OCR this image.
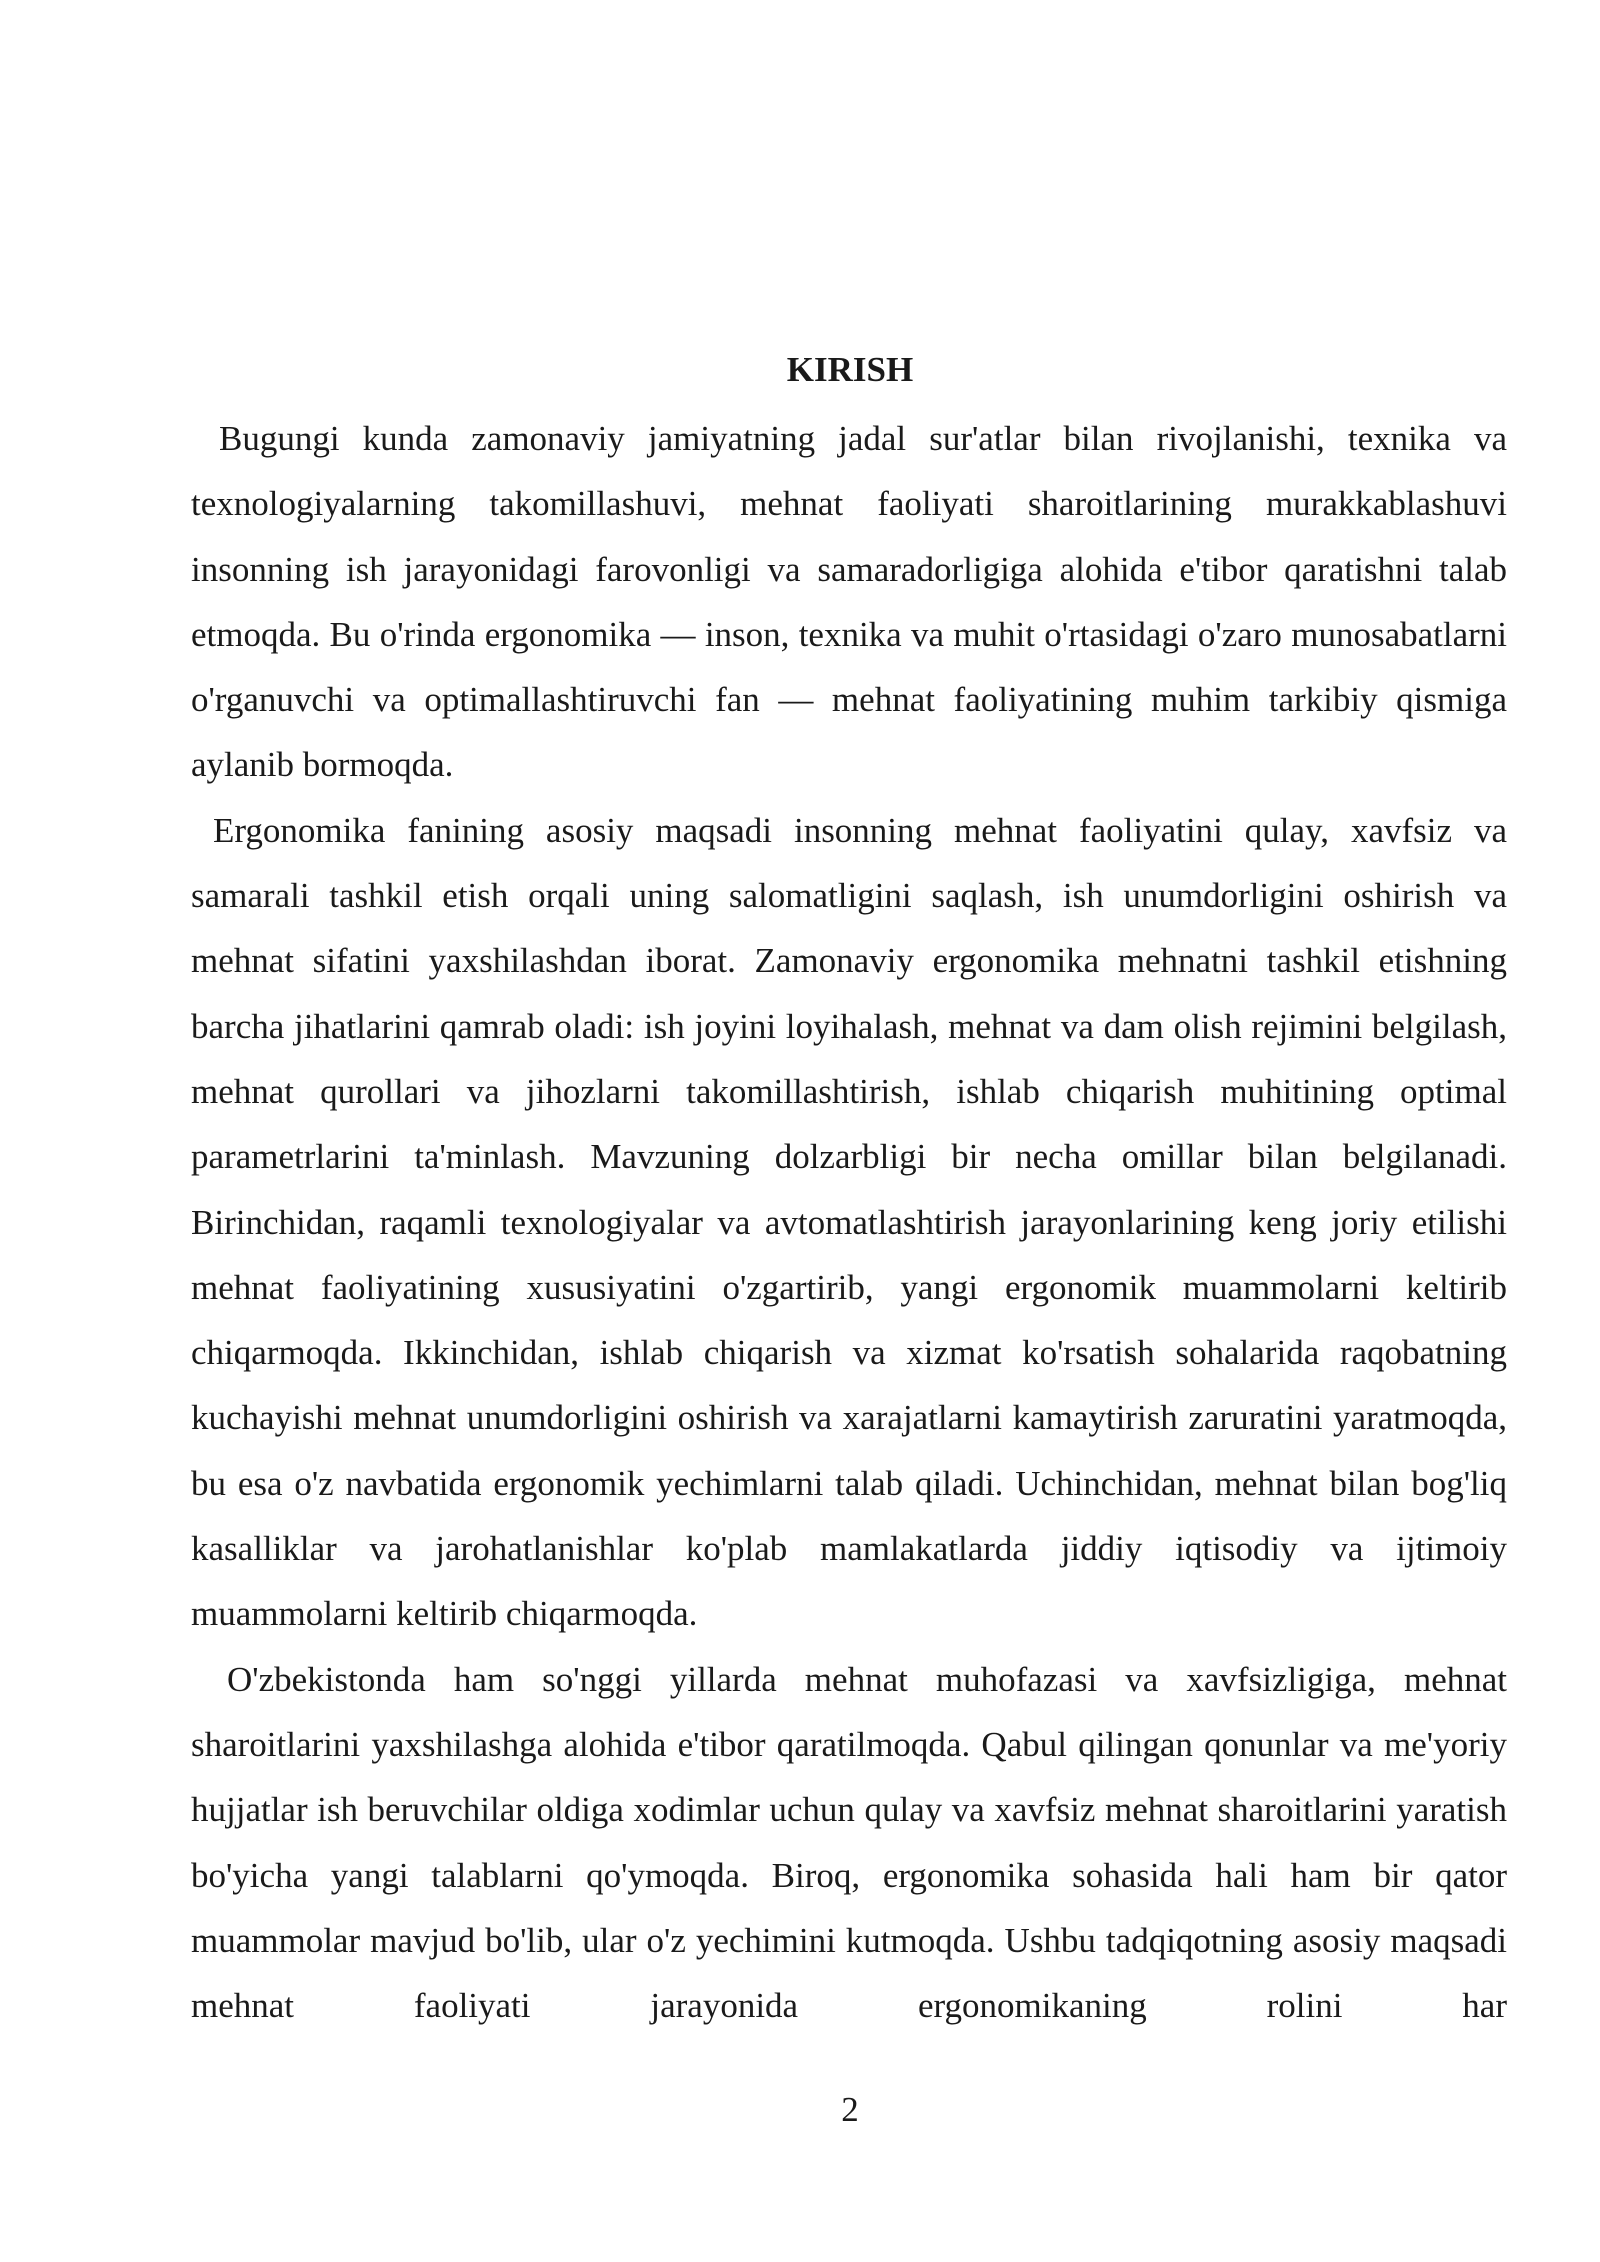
KIRISH

Bugungi kunda zamonaviy jamiyatning jadal sur'atlar bilan rivojlanishi, texnika va texnologiyalarning takomillashuvi, mehnat faoliyati sharoitlarining murakkablashuvi insonning ish jarayonidagi farovonligi va samaradorligiga alohida e'tibor qaratishni talab etmoqda. Bu o'rinda ergonomika — inson, texnika va muhit o'rtasidagi o'zaro munosabatlarni o'rganuvchi va optimallashtiruvchi fan — mehnat faoliyatining muhim tarkibiy qismiga aylanib bormoqda.

Ergonomika fanining asosiy maqsadi insonning mehnat faoliyatini qulay, xavfsiz va samarali tashkil etish orqali uning salomatligini saqlash, ish unumdorligini oshirish va mehnat sifatini yaxshilashdan iborat. Zamonaviy ergonomika mehnatni tashkil etishning barcha jihatlarini qamrab oladi: ish joyini loyihalash, mehnat va dam olish rejimini belgilash, mehnat qurollari va jihozlarni takomillashtirish, ishlab chiqarish muhitining optimal parametrlarini ta'minlash. Mavzuning dolzarbligi bir necha omillar bilan belgilanadi. Birinchidan, raqamli texnologiyalar va avtomatlashtirish jarayonlarining keng joriy etilishi mehnat faoliyatining xususiyatini o'zgartirib, yangi ergonomik muammolarni keltirib chiqarmoqda. Ikkinchidan, ishlab chiqarish va xizmat ko'rsatish sohalarida raqobatning kuchayishi mehnat unumdorligini oshirish va xarajatlarni kamaytirish zaruratini yaratmoqda, bu esa o'z navbatida ergonomik yechimlarni talab qiladi. Uchinchidan, mehnat bilan bog'liq kasalliklar va jarohatlanishlar ko'plab mamlakatlarda jiddiy iqtisodiy va ijtimoiy muammolarni keltirib chiqarmoqda.

O'zbekistonda ham so'nggi yillarda mehnat muhofazasi va xavfsizligiga, mehnat sharoitlarini yaxshilashga alohida e'tibor qaratilmoqda. Qabul qilingan qonunlar va me'yoriy hujjatlar ish beruvchilar oldiga xodimlar uchun qulay va xavfsiz mehnat sharoitlarini yaratish bo'yicha yangi talablarni qo'ymoqda. Biroq, ergonomika sohasida hali ham bir qator muammolar mavjud bo'lib, ular o'z yechimini kutmoqda. Ushbu tadqiqotning asosiy maqsadi mehnat faoliyati jarayonida ergonomikaning rolini har

2
